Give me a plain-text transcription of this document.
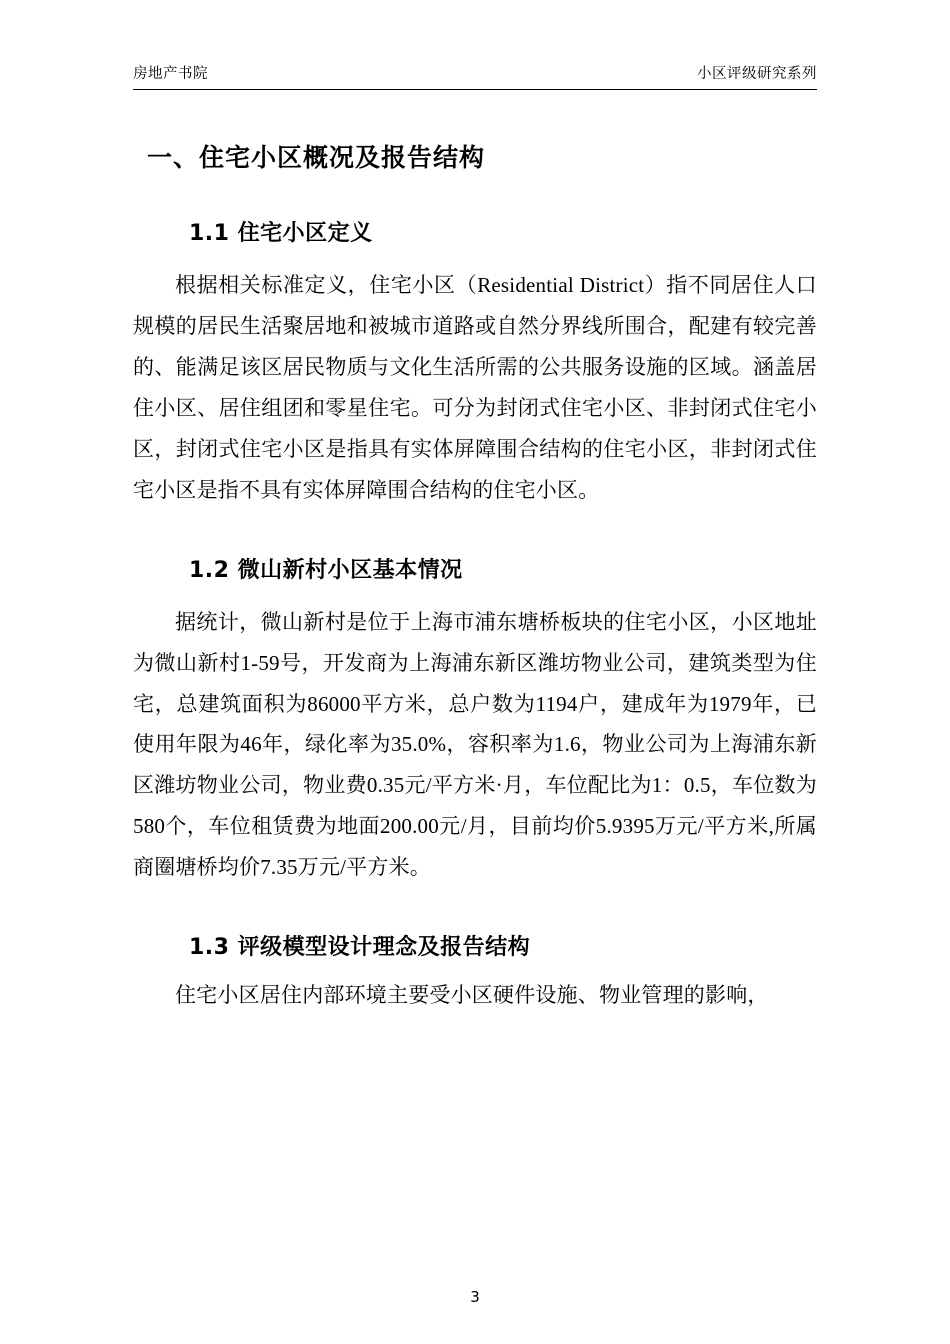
房地产书院	小区评级研究系列
一、住宅小区概况及报告结构
1.1 住宅小区定义

根据相关标准定义，住宅小区（Residential District）指不同居住人口规模的居民生活聚居地和被城市道路或自然分界线所围合，配建有较完善的、能满足该区居民物质与文化生活所需的公共服务设施的区域。涵盖居住小区、居住组团和零星住宅。可分为封闭式住宅小区、非封闭式住宅小区，封闭式住宅小区是指具有实体屏障围合结构的住宅小区，非封闭式住宅小区是指不具有实体屏障围合结构的住宅小区。

1.2 微山新村小区基本情况

据统计，微山新村是位于上海市浦东塘桥板块的住宅小区，小区地址为微山新村1-59号，开发商为上海浦东新区潍坊物业公司，建筑类型为住宅，总建筑面积为86000平方米，总户数为1194户，建成年为1979年，已使用年限为46年，绿化率为35.0%，容积率为1.6，物业公司为上海浦东新区潍坊物业公司，物业费0.35元/平方米·月，车位配比为1：0.5，车位数为580个，车位租赁费为地面200.00元/月，目前均价5.9395万元/平方米,所属商圈塘桥均价7.35万元/平方米。

1.3 评级模型设计理念及报告结构

住宅小区居住内部环境主要受小区硬件设施、物业管理的影响，

3
